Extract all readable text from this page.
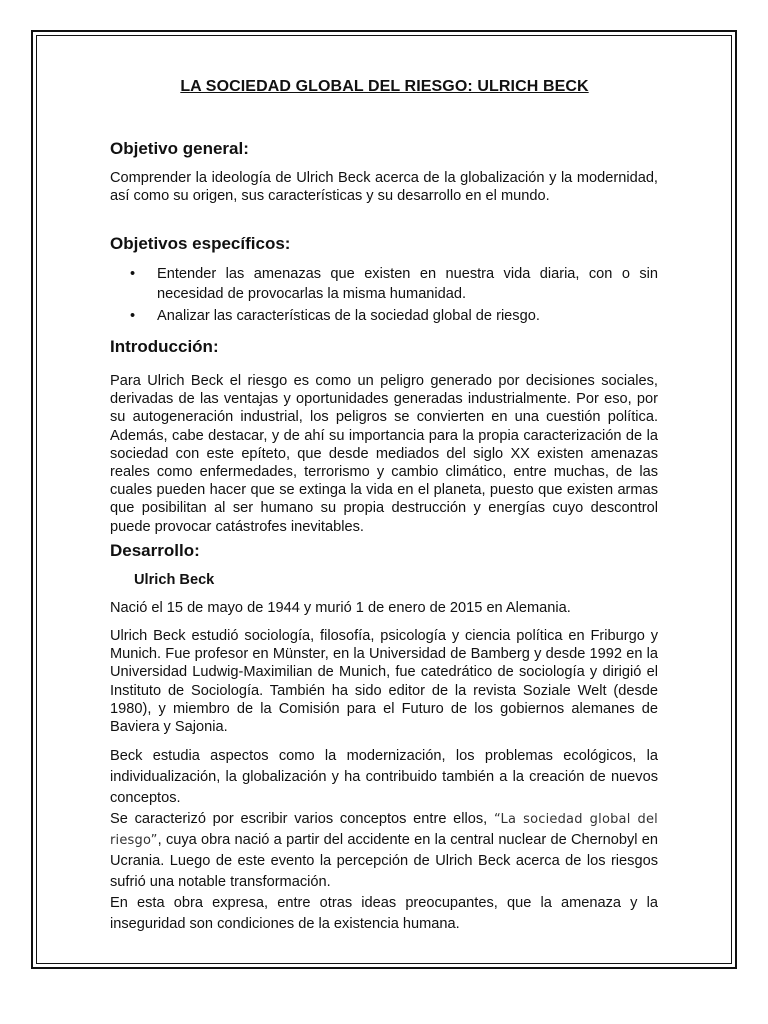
LA SOCIEDAD GLOBAL DEL RIESGO: ULRICH BECK
Objetivo general:
Comprender la ideología de Ulrich Beck acerca de la globalización y la modernidad, así como su origen, sus características y su desarrollo en el mundo.
Objetivos específicos:
• Entender las amenazas que existen en nuestra vida diaria, con o sin necesidad de provocarlas la misma humanidad.
• Analizar las características de la sociedad global de riesgo.
Introducción:
Para Ulrich Beck el riesgo es como un peligro generado por decisiones sociales, derivadas de las ventajas y oportunidades generadas industrialmente. Por eso, por su autogeneración industrial, los peligros se convierten en una cuestión política. Además, cabe destacar, y de ahí su importancia para la propia caracterización de la sociedad con este epíteto, que desde mediados del siglo XX existen amenazas reales como enfermedades, terrorismo y cambio climático, entre muchas, de las cuales pueden hacer que se extinga la vida en el planeta, puesto que existen armas que posibilitan al ser humano su propia destrucción y energías cuyo descontrol puede provocar catástrofes inevitables.
Desarrollo:
Ulrich Beck
Nació el 15 de mayo de 1944 y murió 1 de enero de 2015 en Alemania.
Ulrich Beck estudió sociología, filosofía, psicología y ciencia política en Friburgo y Munich. Fue profesor en Münster, en la Universidad de Bamberg y desde 1992 en la Universidad Ludwig-Maximilian de Munich, fue catedrático de sociología y dirigió el Instituto de Sociología. También ha sido editor de la revista Soziale Welt (desde 1980), y miembro de la Comisión para el Futuro de los gobiernos alemanes de Baviera y Sajonia.
Beck estudia aspectos como la modernización, los problemas ecológicos, la individualización, la globalización y ha contribuido también a la creación de nuevos conceptos.
Se caracterizó por escribir varios conceptos entre ellos, “La sociedad global del riesgo”, cuya obra nació a partir del accidente en la central nuclear de Chernobyl en Ucrania. Luego de este evento la percepción de Ulrich Beck acerca de los riesgos sufrió una notable transformación.
En esta obra expresa, entre otras ideas preocupantes, que la amenaza y la inseguridad son condiciones de la existencia humana.
